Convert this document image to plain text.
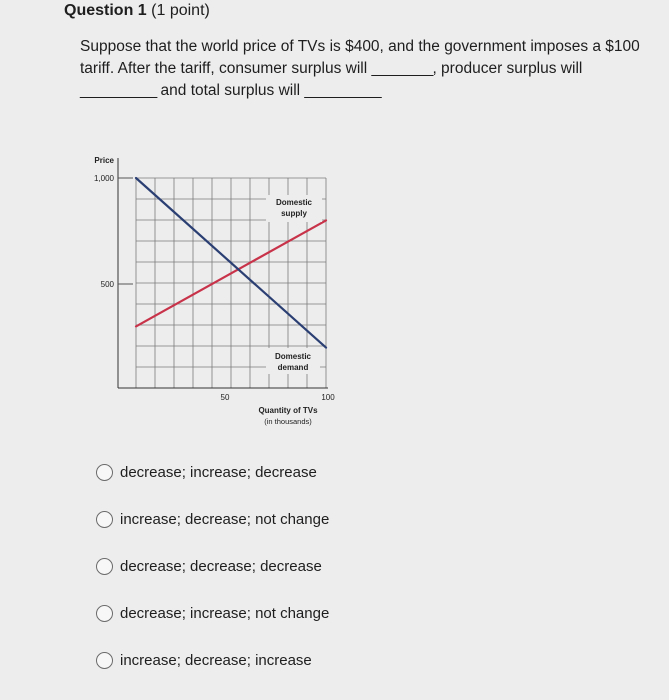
Question 1 (1 point)

Suppose that the world price of TVs is $400, and the government imposes a $100 tariff. After the tariff, consumer surplus will ________, producer surplus will __________ and total surplus will __________

Price
1,000
500
50	100
Quantity of TVs
(in thousands)
Domestic
supply
Domestic
demand
decrease; increase; decrease
increase; decrease; not change
decrease; decrease; decrease
decrease; increase; not change
increase; decrease; increase
